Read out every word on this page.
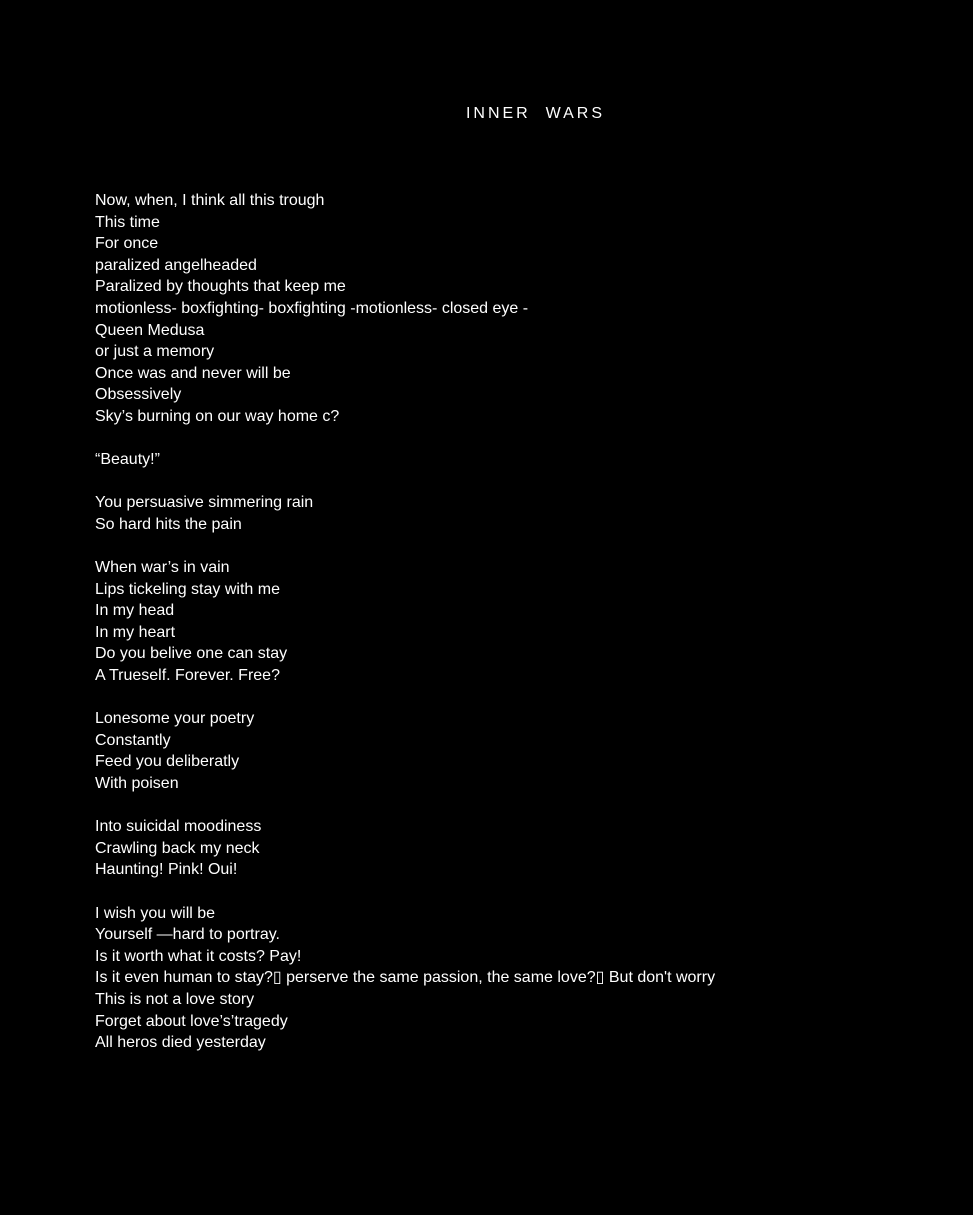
INNER  WARS
Now, when, I think all this trough
This time
For once
paralized angelheaded
Paralized by thoughts that keep me
motionless- boxfighting- boxfighting -motionless- closed eye -
Queen Medusa
or just a memory
Once was and never will be
Obsessively
Sky’s burning on our way home c?
“Beauty!”
You persuasive simmering rain
So hard hits the pain
When war’s in vain
Lips tickeling stay with me
In my head
In my heart
Do you belive one can stay
A Trueself. Forever. Free?
Lonesome your poetry
Constantly
Feed you deliberatly
With poisen
Into suicidal moodiness
Crawling back my neck
Haunting! Pink! Oui!
I wish you will be
Yourself —hard to portray.
Is it worth what it costs? Pay!
Is it even human to stay?▯ perserve the same passion, the same love?▯ But don't worry
This is not a love story
Forget about love’s’tragedy
All heros died yesterday
